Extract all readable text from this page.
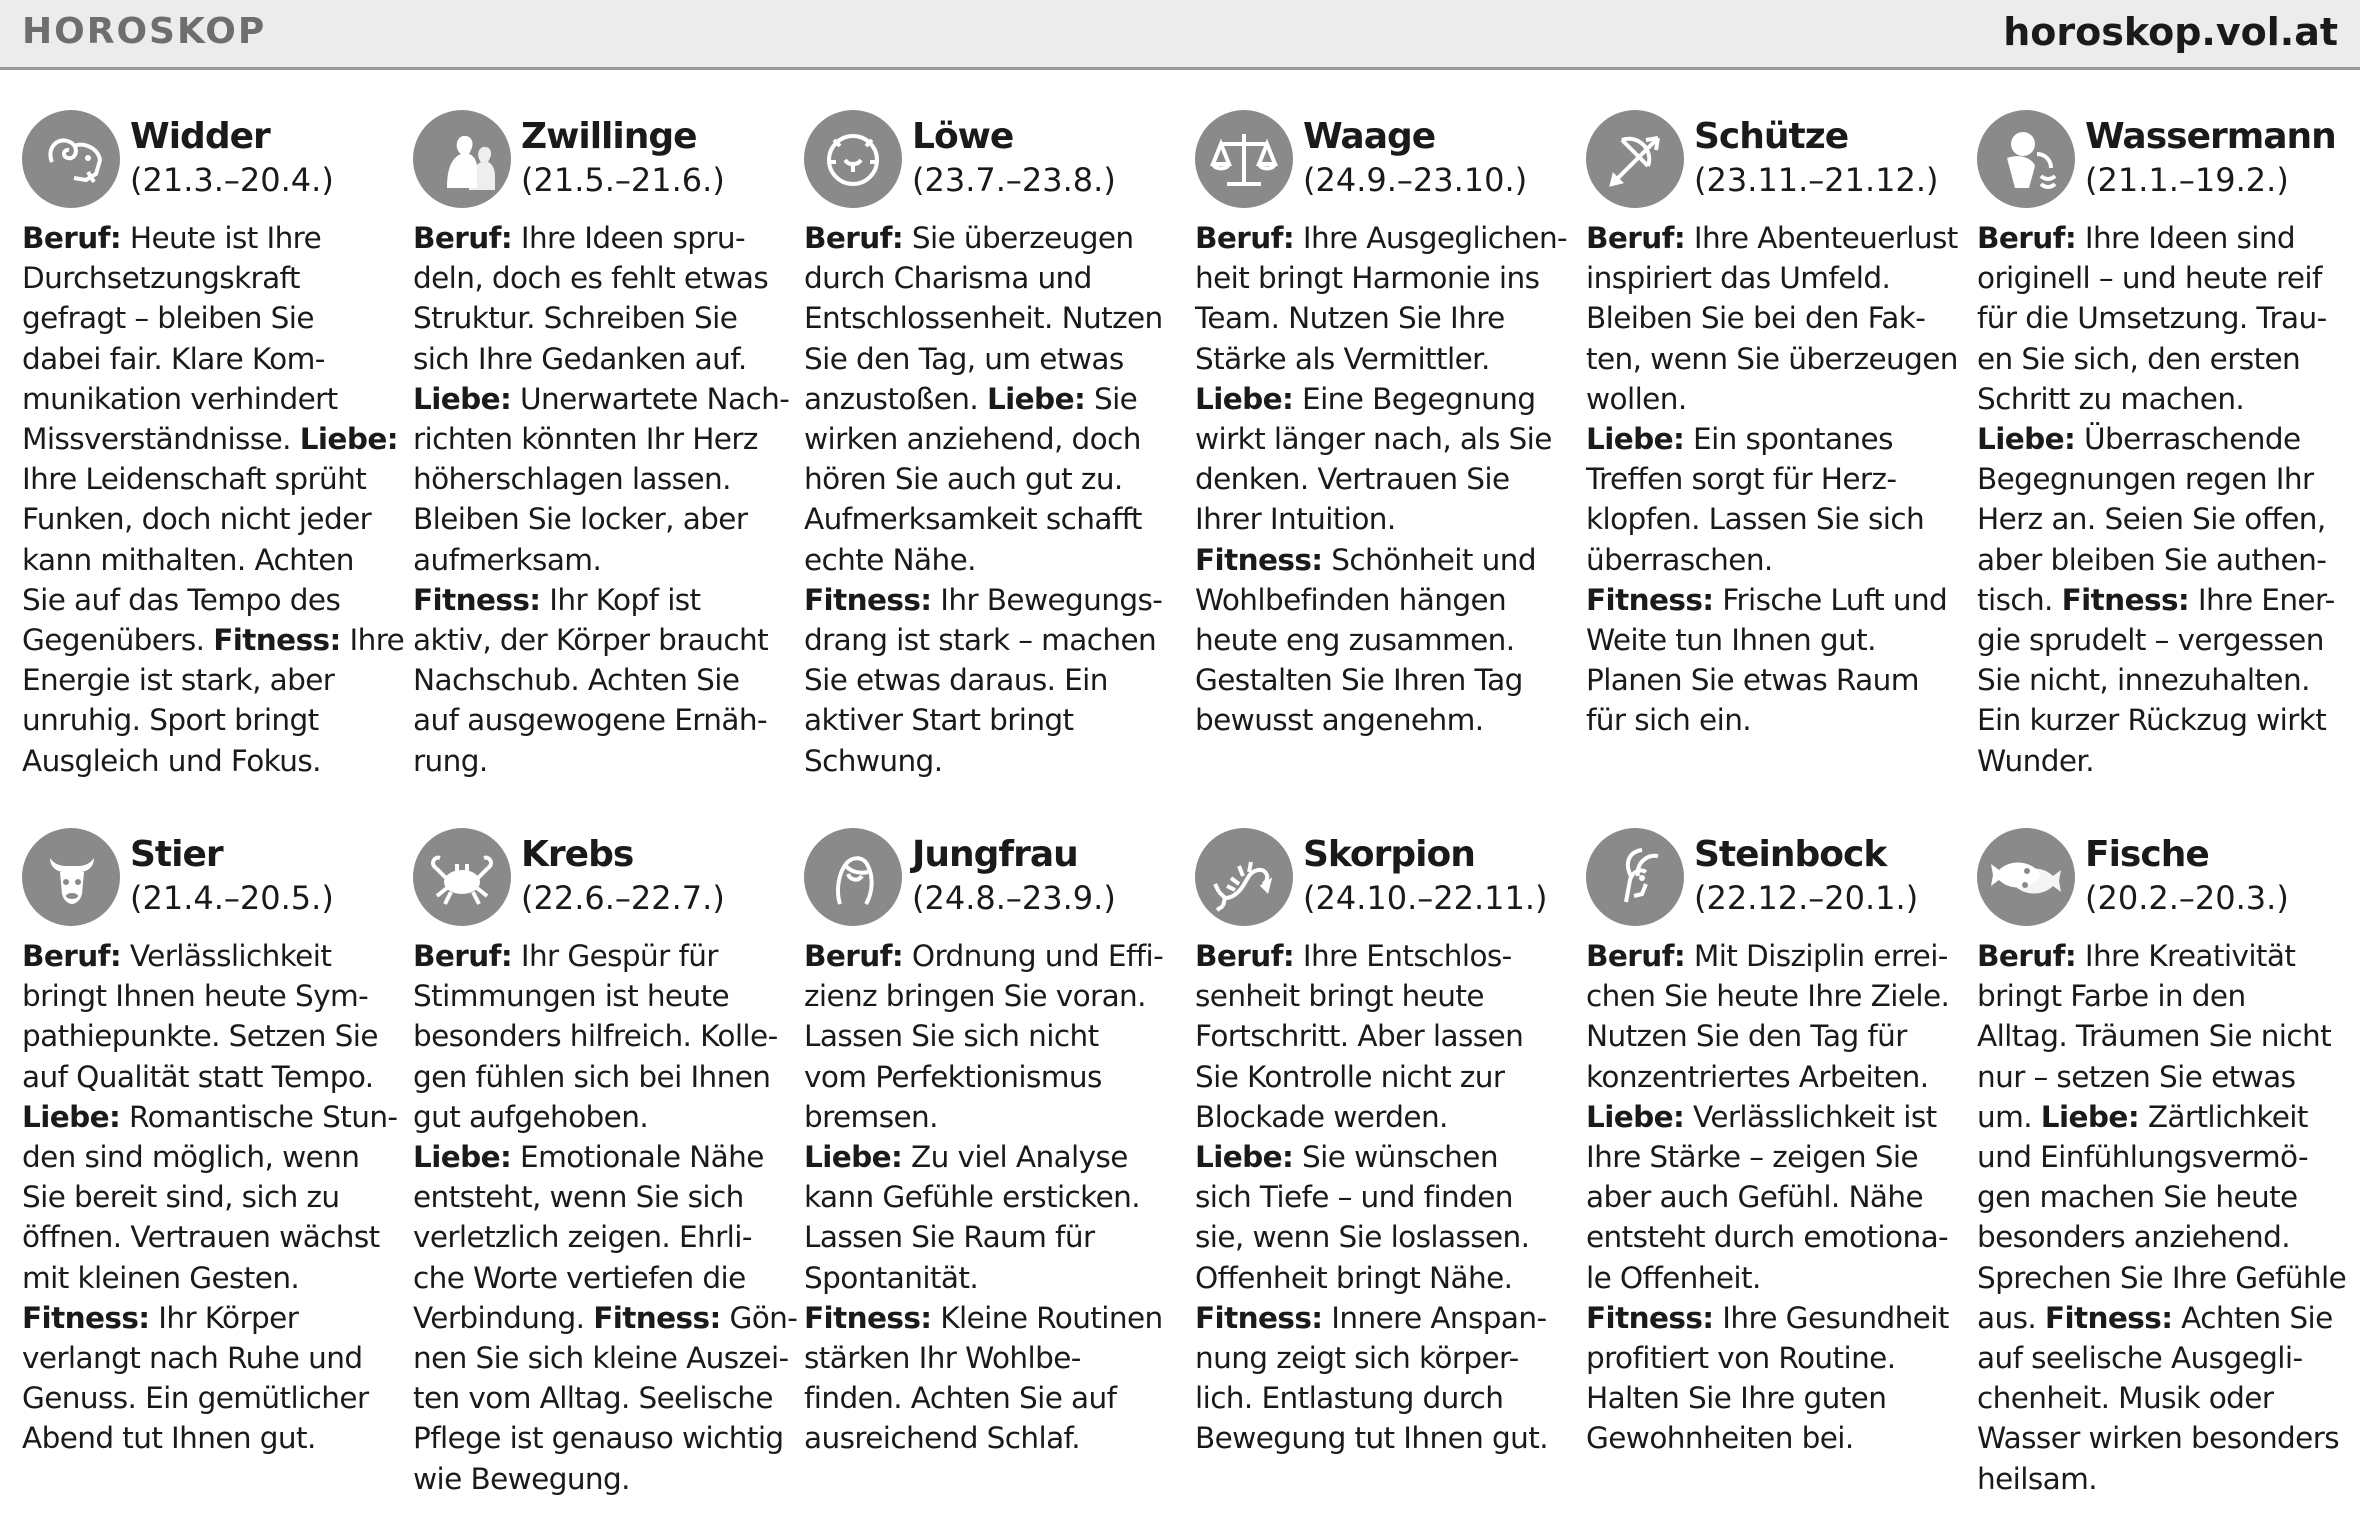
HOROSKOP	horoskop.vol.at
Widder
(21.3.–20.4.)
Beruf: Heute ist Ihre
Durchsetzungskraft
gefragt – bleiben Sie
dabei fair. Klare Kom-
munikation verhindert
Missverständnisse. Liebe:
Ihre Leidenschaft sprüht
Funken, doch nicht jeder
kann mithalten. Achten
Sie auf das Tempo des
Gegenübers. Fitness: Ihre
Energie ist stark, aber
unruhig. Sport bringt
Ausgleich und Fokus.
Zwillinge
(21.5.–21.6.)
Beruf: Ihre Ideen spru-
deln, doch es fehlt etwas
Struktur. Schreiben Sie
sich Ihre Gedanken auf.
Liebe: Unerwartete Nach-
richten könnten Ihr Herz
höherschlagen lassen.
Bleiben Sie locker, aber
aufmerksam.
Fitness: Ihr Kopf ist
aktiv, der Körper braucht
Nachschub. Achten Sie
auf ausgewogene Ernäh-
rung.
Löwe
(23.7.–23.8.)
Beruf: Sie überzeugen
durch Charisma und
Entschlossenheit. Nutzen
Sie den Tag, um etwas
anzustoßen. Liebe: Sie
wirken anziehend, doch
hören Sie auch gut zu.
Aufmerksamkeit schafft
echte Nähe.
Fitness: Ihr Bewegungs-
drang ist stark – machen
Sie etwas daraus. Ein
aktiver Start bringt
Schwung.
Waage
(24.9.–23.10.)
Beruf: Ihre Ausgeglichen-
heit bringt Harmonie ins
Team. Nutzen Sie Ihre
Stärke als Vermittler.
Liebe: Eine Begegnung
wirkt länger nach, als Sie
denken. Vertrauen Sie
Ihrer Intuition.
Fitness: Schönheit und
Wohlbefinden hängen
heute eng zusammen.
Gestalten Sie Ihren Tag
bewusst angenehm.
Schütze
(23.11.–21.12.)
Beruf: Ihre Abenteuerlust
inspiriert das Umfeld.
Bleiben Sie bei den Fak-
ten, wenn Sie überzeugen
wollen.
Liebe: Ein spontanes
Treffen sorgt für Herz-
klopfen. Lassen Sie sich
überraschen.
Fitness: Frische Luft und
Weite tun Ihnen gut.
Planen Sie etwas Raum
für sich ein.
Wassermann
(21.1.–19.2.)
Beruf: Ihre Ideen sind
originell – und heute reif
für die Umsetzung. Trau-
en Sie sich, den ersten
Schritt zu machen.
Liebe: Überraschende
Begegnungen regen Ihr
Herz an. Seien Sie offen,
aber bleiben Sie authen-
tisch. Fitness: Ihre Ener-
gie sprudelt – vergessen
Sie nicht, innezuhalten.
Ein kurzer Rückzug wirkt
Wunder.
Stier
(21.4.–20.5.)
Beruf: Verlässlichkeit
bringt Ihnen heute Sym-
pathiepunkte. Setzen Sie
auf Qualität statt Tempo.
Liebe: Romantische Stun-
den sind möglich, wenn
Sie bereit sind, sich zu
öffnen. Vertrauen wächst
mit kleinen Gesten.
Fitness: Ihr Körper
verlangt nach Ruhe und
Genuss. Ein gemütlicher
Abend tut Ihnen gut.
Krebs
(22.6.–22.7.)
Beruf: Ihr Gespür für
Stimmungen ist heute
besonders hilfreich. Kolle-
gen fühlen sich bei Ihnen
gut aufgehoben.
Liebe: Emotionale Nähe
entsteht, wenn Sie sich
verletzlich zeigen. Ehrli-
che Worte vertiefen die
Verbindung. Fitness: Gön-
nen Sie sich kleine Auszei-
ten vom Alltag. Seelische
Pflege ist genauso wichtig
wie Bewegung.
Jungfrau
(24.8.–23.9.)
Beruf: Ordnung und Effi-
zienz bringen Sie voran.
Lassen Sie sich nicht
vom Perfektionismus
bremsen.
Liebe: Zu viel Analyse
kann Gefühle ersticken.
Lassen Sie Raum für
Spontanität.
Fitness: Kleine Routinen
stärken Ihr Wohlbe-
finden. Achten Sie auf
ausreichend Schlaf.
Skorpion
(24.10.–22.11.)
Beruf: Ihre Entschlos-
senheit bringt heute
Fortschritt. Aber lassen
Sie Kontrolle nicht zur
Blockade werden.
Liebe: Sie wünschen
sich Tiefe – und finden
sie, wenn Sie loslassen.
Offenheit bringt Nähe.
Fitness: Innere Anspan-
nung zeigt sich körper-
lich. Entlastung durch
Bewegung tut Ihnen gut.
Steinbock
(22.12.–20.1.)
Beruf: Mit Disziplin errei-
chen Sie heute Ihre Ziele.
Nutzen Sie den Tag für
konzentriertes Arbeiten.
Liebe: Verlässlichkeit ist
Ihre Stärke – zeigen Sie
aber auch Gefühl. Nähe
entsteht durch emotiona-
le Offenheit.
Fitness: Ihre Gesundheit
profitiert von Routine.
Halten Sie Ihre guten
Gewohnheiten bei.
Fische
(20.2.–20.3.)
Beruf: Ihre Kreativität
bringt Farbe in den
Alltag. Träumen Sie nicht
nur – setzen Sie etwas
um. Liebe: Zärtlichkeit
und Einfühlungsvermö-
gen machen Sie heute
besonders anziehend.
Sprechen Sie Ihre Gefühle
aus. Fitness: Achten Sie
auf seelische Ausgegli-
chenheit. Musik oder
Wasser wirken besonders
heilsam.
